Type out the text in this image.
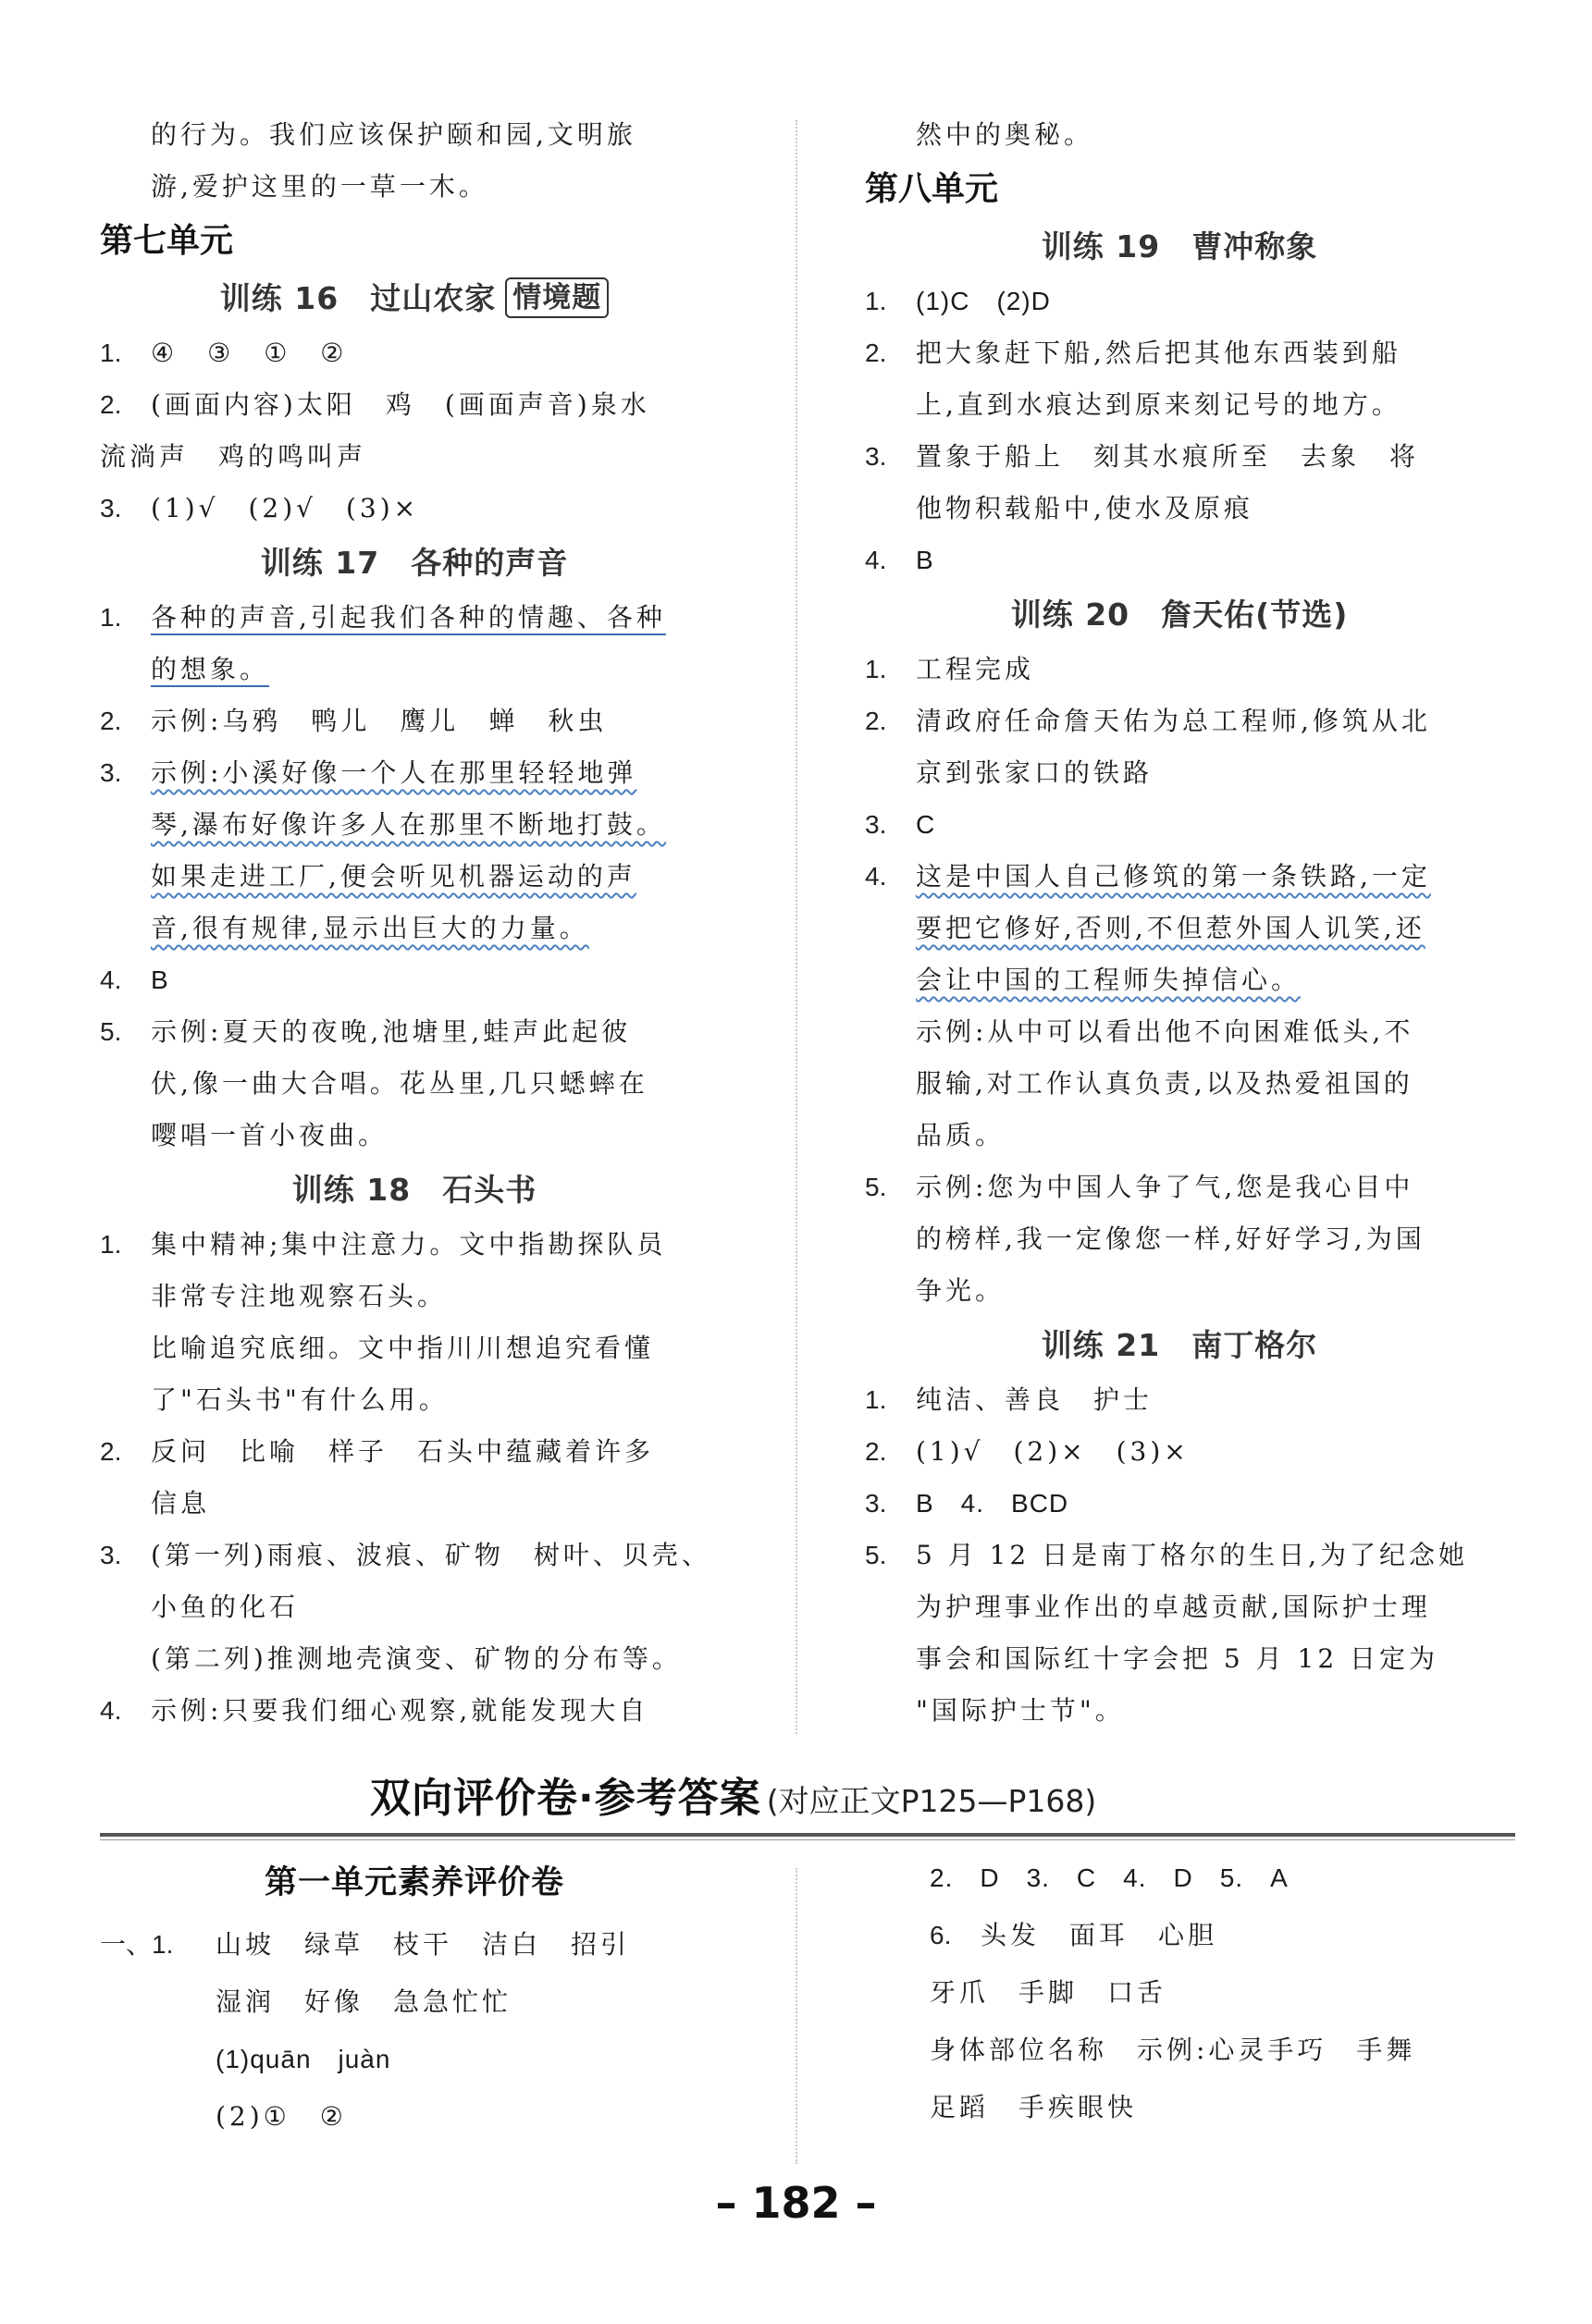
的行为。我们应该保护颐和园,文明旅
游,爱护这里的一草一木。
第七单元
训练 16　过山农家 情境题
1.	④　③　①　②
2.	(画面内容)太阳　鸡　(画面声音)泉水
流淌声　鸡的鸣叫声
3.	(1)√　(2)√　(3)×
训练 17　各种的声音
1.	各种的声音,引起我们各种的情趣、各种
的想象。
2.	示例:乌鸦　鸭儿　鹰儿　蝉　秋虫
3.	示例:小溪好像一个人在那里轻轻地弹
琴,瀑布好像许多人在那里不断地打鼓。
如果走进工厂,便会听见机器运动的声
音,很有规律,显示出巨大的力量。
4.	B
5.	示例:夏天的夜晚,池塘里,蛙声此起彼
伏,像一曲大合唱。花丛里,几只蟋蟀在
嘤唱一首小夜曲。
训练 18　石头书
1.	集中精神;集中注意力。文中指勘探队员
非常专注地观察石头。
比喻追究底细。文中指川川想追究看懂
了"石头书"有什么用。
2.	反问　比喻　样子　石头中蕴藏着许多
信息
3.	(第一列)雨痕、波痕、矿物　树叶、贝壳、
小鱼的化石
(第二列)推测地壳演变、矿物的分布等。
4.	示例:只要我们细心观察,就能发现大自
然中的奥秘。
第八单元
训练 19　曹冲称象
1.	(1)C　(2)D
2.	把大象赶下船,然后把其他东西装到船
上,直到水痕达到原来刻记号的地方。
3.	置象于船上　刻其水痕所至　去象　将
他物积载船中,使水及原痕
4.	B
训练 20　詹天佑(节选)
1.	工程完成
2.	清政府任命詹天佑为总工程师,修筑从北
京到张家口的铁路
3.	C
4.	这是中国人自己修筑的第一条铁路,一定
要把它修好,否则,不但惹外国人讥笑,还
会让中国的工程师失掉信心。
示例:从中可以看出他不向困难低头,不
服输,对工作认真负责,以及热爱祖国的
品质。
5.	示例:您为中国人争了气,您是我心目中
的榜样,我一定像您一样,好好学习,为国
争光。
训练 21　南丁格尔
1.	纯洁、善良　护士
2.	(1)√　(2)×　(3)×
3.	B　4.　BCD
5.	5 月 12 日是南丁格尔的生日,为了纪念她
为护理事业作出的卓越贡献,国际护士理
事会和国际红十字会把 5 月 12 日定为
"国际护士节"。
双向评价卷·参考答案 (对应正文P125—P168)
第一单元素养评价卷
一、1.	山坡　绿草　枝干　洁白　招引
湿润　好像　急急忙忙
(1)quān　juàn
(2)①　②
2.　D　3.　C　4.　D　5.　A
6.	头发　面耳　心胆
牙爪　手脚　口舌
身体部位名称　示例:心灵手巧　手舞
足蹈　手疾眼快
– 182 –
